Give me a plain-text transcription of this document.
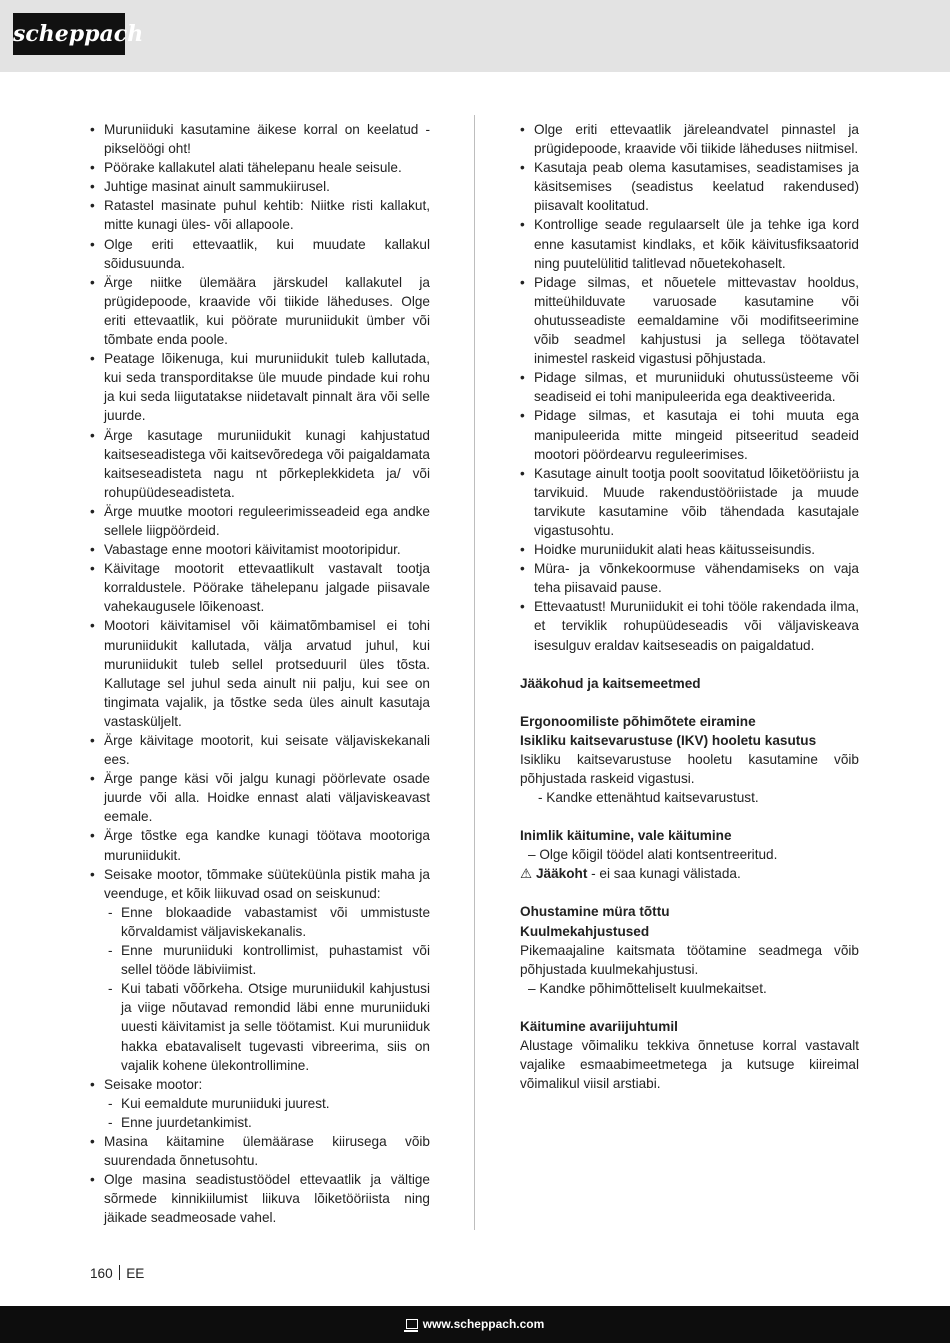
scheppach
• Muruniiduki kasutamine äikese korral on keelatud - pikselöögi oht!
• Pöörake kallakutel alati tähelepanu heale seisule.
• Juhtige masinat ainult sammukiirusel.
• Ratastel masinate puhul kehtib: Niitke risti kallakut, mitte kunagi üles- või allapoole.
• Olge eriti ettevaatlik, kui muudate kallakul sõidusuunda.
• Ärge niitke ülemäära järskudel kallakutel ja prügidepoode, kraavide või tiikide läheduses. Olge eriti ettevaatlik, kui pöörate muruniidukit ümber või tõmbate enda poole.
• Peatage lõikenuga, kui muruniidukit tuleb kallutada, kui seda transporditakse üle muude pindade kui rohu ja kui seda liigutatakse niidetavalt pinnalt ära või selle juurde.
• Ärge kasutage muruniidukit kunagi kahjustatud kaitseseadistega või kaitsevõredega või paigaldamata kaitseseadisteta nagu nt põrkeplekkideta ja/ või rohupüüdeseadisteta.
• Ärge muutke mootori reguleerimisseadeid ega andke sellele liigpöördeid.
• Vabastage enne mootori käivitamist mootoripidur.
• Käivitage mootorit ettevaatlikult vastavalt tootja korraldustele. Pöörake tähelepanu jalgade piisavale vahekaugusele lõikenoast.
• Mootori käivitamisel või käimatõmbamisel ei tohi muruniidukit kallutada, välja arvatud juhul, kui muruniidukit tuleb sellel protseduuril üles tõsta. Kallutage sel juhul seda ainult nii palju, kui see on tingimata vajalik, ja tõstke seda üles ainult kasutaja vastasküljelt.
• Ärge käivitage mootorit, kui seisate väljaviskekanali ees.
• Ärge pange käsi või jalgu kunagi pöörlevate osade juurde või alla. Hoidke ennast alati väljaviskeavast eemale.
• Ärge tõstke ega kandke kunagi töötava mootoriga muruniidukit.
• Seisake mootor, tõmmake süüteküünla pistik maha ja veenduge, et kõik liikuvad osad on seiskunud:
- Enne blokaadide vabastamist või ummistuste kõrvaldamist väljaviskekanalis.
- Enne muruniiduki kontrollimist, puhastamist või sellel tööde läbiviimist.
- Kui tabati võõrkeha. Otsige muruniidukil kahjustusi ja viige nõutavad remondid läbi enne muruniiduki uuesti käivitamist ja selle töötamist. Kui muruniiduk hakka ebatavaliselt tugevasti vibreerima, siis on vajalik kohene ülekontrollimine.
• Seisake mootor:
- Kui eemaldute muruniiduki juurest.
- Enne juurdetankimist.
• Masina käitamine ülemäärase kiirusega võib suurendada õnnetusohtu.
• Olge masina seadistustöödel ettevaatlik ja vältige sõrmede kinnikiilumist liikuva lõiketööriista ning jäikade seadmeosade vahel.
• Olge eriti ettevaatlik järeleandvatel pinnastel ja prügidepoode, kraavide või tiikide läheduses niitmisel.
• Kasutaja peab olema kasutamises, seadistamises ja käsitsemises (seadistus keelatud rakendused) piisavalt koolitatud.
• Kontrollige seade regulaarselt üle ja tehke iga kord enne kasutamist kindlaks, et kõik käivitusfiksaatorid ning puutelülitid talitlevad nõuetekohaselt.
• Pidage silmas, et nõuetele mittevastav hooldus, mitteühilduvate varuosade kasutamine või ohutusseadiste eemaldamine või modifitseerimine võib seadmel kahjustusi ja sellega töötavatel inimestel raskeid vigastusi põhjustada.
• Pidage silmas, et muruniiduki ohutussüsteeme või seadiseid ei tohi manipuleerida ega deaktiveerida.
• Pidage silmas, et kasutaja ei tohi muuta ega manipuleerida mitte mingeid pitseeritud seadeid mootori pöördearvu reguleerimises.
• Kasutage ainult tootja poolt soovitatud lõiketööriistu ja tarvikuid. Muude rakendustööriistade ja muude tarvikute kasutamine võib tähendada kasutajale vigastusohtu.
• Hoidke muruniidukit alati heas käitusseisundis.
• Müra- ja võnkekoormuse vähendamiseks on vaja teha piisavaid pause.
• Ettevaatust! Muruniidukit ei tohi tööle rakendada ilma, et terviklik rohupüüdeseadis või väljaviskeava isesulguv eraldav kaitseseadis on paigaldatud.

Jääkohud ja kaitsemeetmed

Ergonoomiliste põhimõtete eiramine

Isikliku kaitsevarustuse (IKV) hooletu kasutus

Isikliku kaitsevarustuse hooletu kasutamine võib põhjustada raskeid vigastusi.

- Kandke ettenähtud kaitsevarustust.

Inimlik käitumine, vale käitumine

– Olge kõigil töödel alati kontsentreeritud.

⚠ Jääkoht - ei saa kunagi välistada.

Ohustamine müra tõttu

Kuulmekahjustused

Pikemaajaline kaitsmata töötamine seadmega võib põhjustada kuulmekahjustusi.

– Kandke põhimõtteliselt kuulmekaitset.

Käitumine avariijuhtumil

Alustage võimaliku tekkiva õnnetuse korral vastavalt vajalike esmaabimeetmetega ja kutsuge kiireimal võimalikul viisil arstiabi.

160 EE
www.scheppach.com
